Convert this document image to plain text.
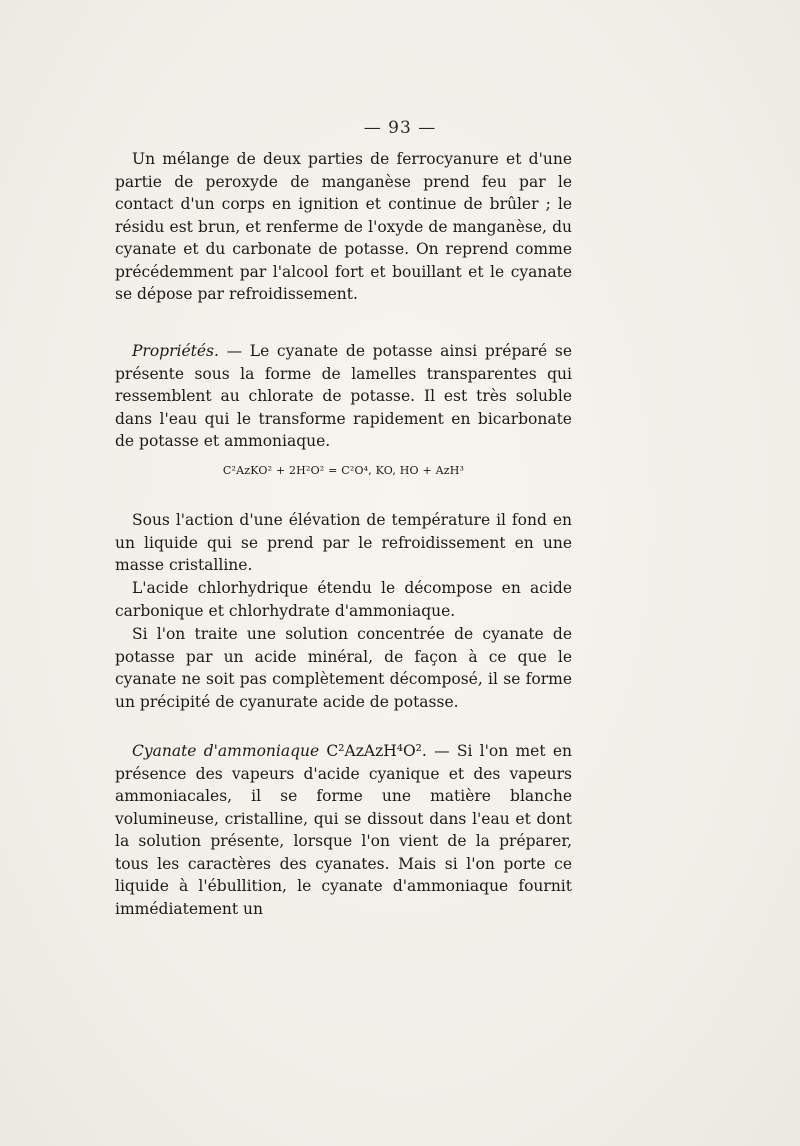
— 93 —

Un mélange de deux parties de ferrocyanure et d'une partie de peroxyde de manganèse prend feu par le contact d'un corps en ignition et continue de brûler ; le résidu est brun, et renferme de l'oxyde de manganèse, du cyanate et du carbonate de potasse. On reprend comme précédemment par l'alcool fort et bouillant et le cyanate se dépose par refroidissement.

Propriétés. — Le cyanate de potasse ainsi préparé se présente sous la forme de lamelles transparentes qui ressemblent au chlorate de potasse. Il est très soluble dans l'eau qui le transforme rapidement en bicarbonate de potasse et ammoniaque.

C²AzKO² + 2H²O² = C²O⁴, KO, HO + AzH³

Sous l'action d'une élévation de température il fond en un liquide qui se prend par le refroidissement en une masse cristalline.

L'acide chlorhydrique étendu le décompose en acide carbonique et chlorhydrate d'ammoniaque.

Si l'on traite une solution concentrée de cyanate de potasse par un acide minéral, de façon à ce que le cyanate ne soit pas complètement décomposé, il se forme un précipité de cyanurate acide de potasse.

Cyanate d'ammoniaque C²AzAzH⁴O². — Si l'on met en présence des vapeurs d'acide cyanique et des vapeurs ammoniacales, il se forme une matière blanche volumineuse, cristalline, qui se dissout dans l'eau et dont la solution présente, lorsque l'on vient de la préparer, tous les caractères des cyanates. Mais si l'on porte ce liquide à l'ébullition, le cyanate d'ammoniaque fournit immédiatement un
